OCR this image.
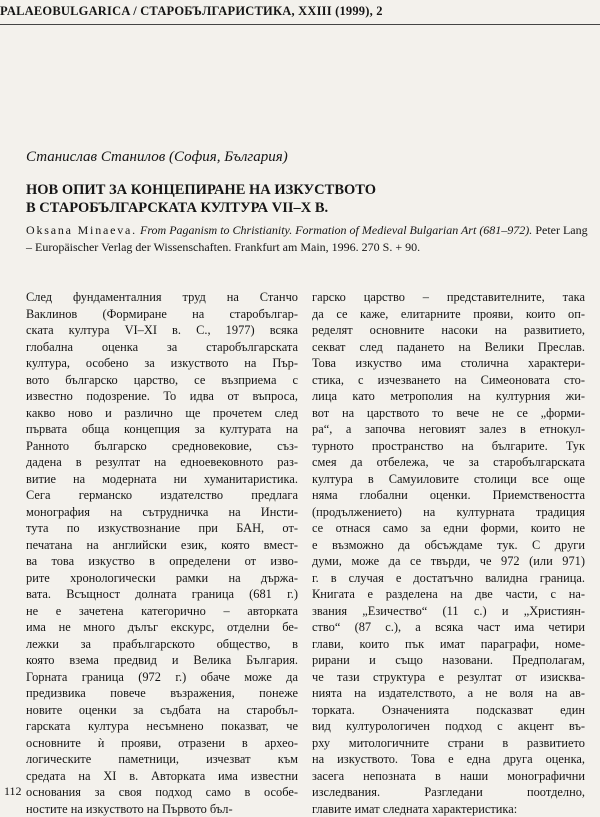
PALAEOBULGARICA / СТАРОБЪЛГАРИСТИКА, XXIII (1999), 2
Станислав Станилов (София, България)
НОВ ОПИТ ЗА КОНЦЕПИРАНЕ НА ИЗКУСТВОТО
В СТАРОБЪЛГАРСКАТА КУЛТУРА VII–X В.
Oksana Minaeva. From Paganism to Christianity. Formation of Medieval Bulgarian Art (681–972). Peter Lang – Europäischer Verlag der Wissenschaften. Frankfurt am Main, 1996. 270 S. + 90.
След фундаменталния труд на Станчо
Ваклинов (Формиране на старобългар-
ската култура VI–XI в. С., 1977) всяка
глобална оценка за старобългарската
култура, особено за изкуството на Пър-
вото българско царство, се възприема с
известно подозрение. То идва от въпроса,
какво ново и различно ще прочетем след
първата обща концепция за културата на
Ранното българско средновековие, съз-
дадена в резултат на едноевековното раз-
витие на модерната ни хуманитаристика.
Сега германско издателство предлага
монография на сътрудничка на Инсти-
тута по изкуствознание при БАН, от-
печатана на английски език, която вмест-
ва това изкуство в определени от изво-
рите хронологически рамки на държа-
вата. Всъщност долната граница (681 г.)
не е зачетена категорично – авторката
има не много дълъг екскурс, отделни бе-
лежки за прабългарското общество, в
която взема предвид и Велика България.
Горната граница (972 г.) обаче може да
предизвика повече възражения, понеже
новите оценки за съдбата на старобъл-
гарската култура несъмнено показват, че
основните ѝ прояви, отразени в архео-
логическите паметници, изчезват към
средата на XI в. Авторката има известни
основания за своя подход само в особе-
ностите на изкуството на Първото бъл-
гарско царство – представителните, така
да се каже, елитарните прояви, които оп-
ределят основните насоки на развитието,
секват след падането на Велики Преслав.
Това изкуство има столична характери-
стика, с изчезването на Симеоновата сто-
лица като метрополия на културния жи-
вот на царството то вече не се „форми-
ра“, а започва неговият залез в етнокул-
турното пространство на българите. Тук
смея да отбележа, че за старобългарската
култура в Самуиловите столици все още
няма глобални оценки. Приемствеността
(продължението) на културната традиция
се отнася само за едни форми, които не
е възможно да обсъждаме тук. С други
думи, може да се твърди, че 972 (или 971)
г. в случая е достатъчно валидна граница.
Книгата е разделена на две части, с на-
звания „Езичество“ (11 с.) и „Християн-
ство“ (87 с.), а всяка част има четири
глави, които пък имат параграфи, номе-
рирани и също назовани. Предполагам,
че тази структура е резултат от изисква-
нията на издателството, а не воля на ав-
торката. Означенията подсказват един
вид културологичен подход с акцент въ-
рху митологичните страни в развитието
на изкуството. Това е една друга оценка,
засега непозната в наши монографични
изследвания. Разгледани поотделно,
главите имат следната характеристика:
112
